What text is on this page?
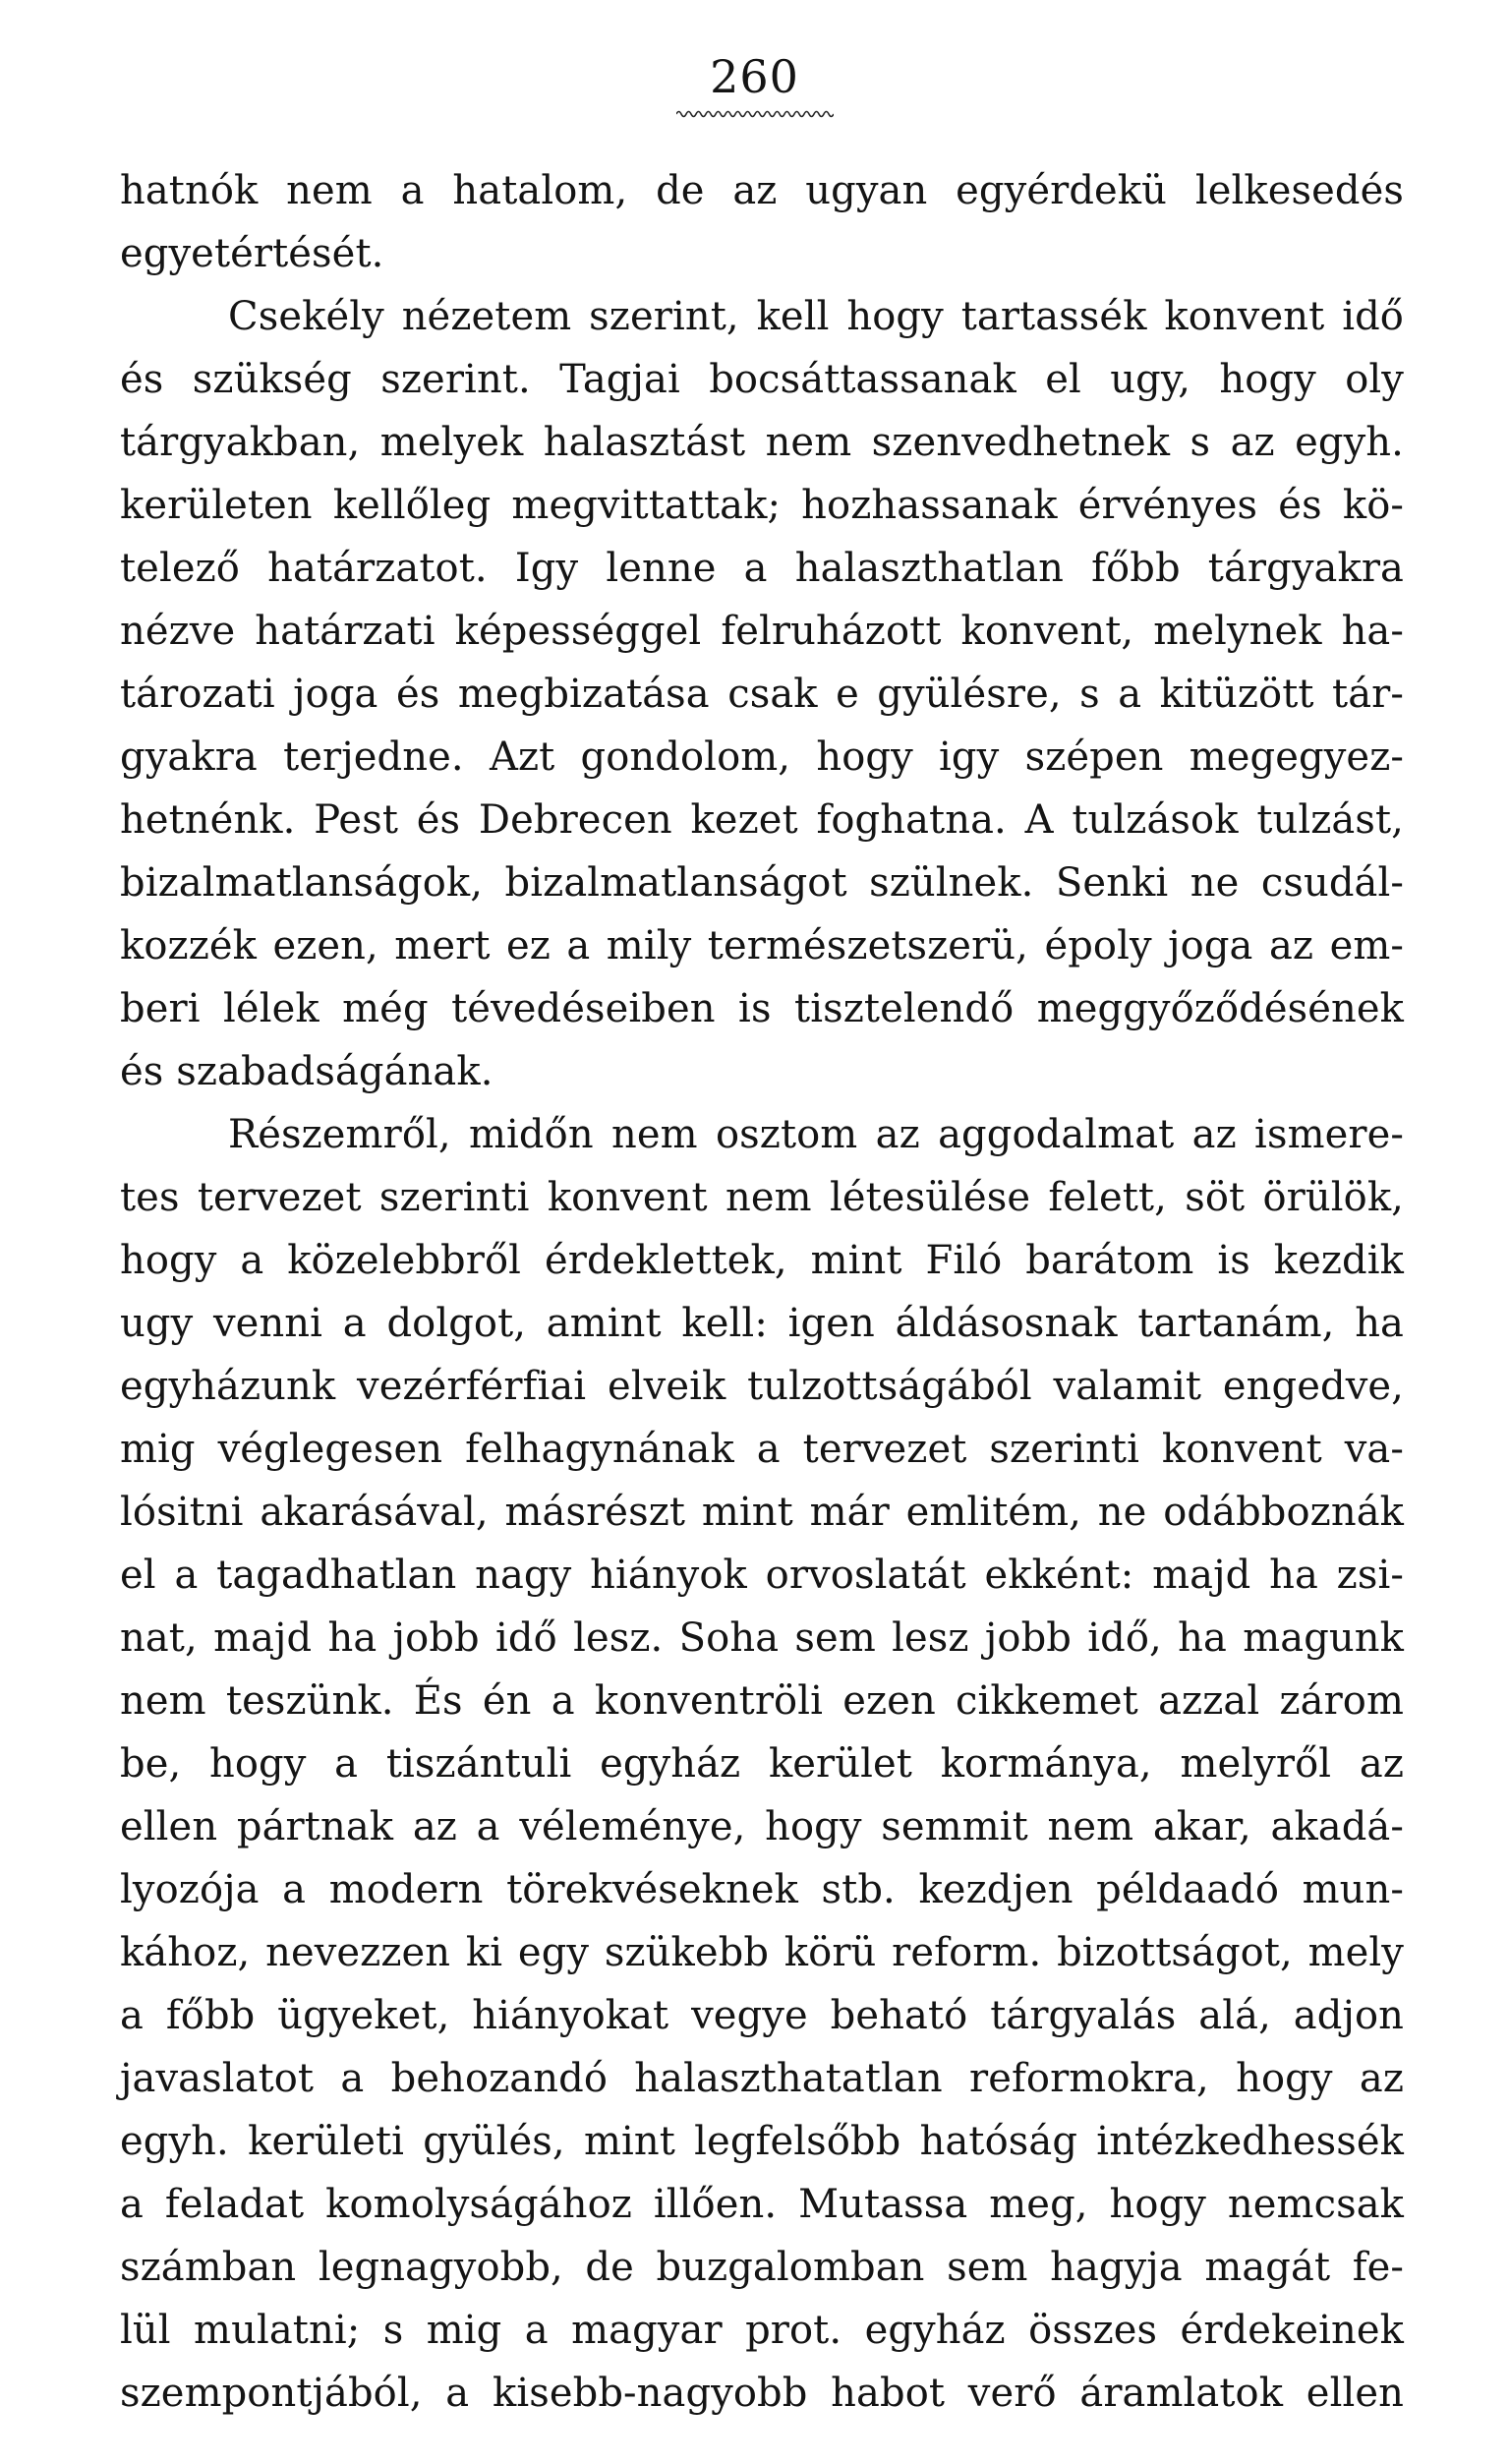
260
hatnók nem a hatalom, de az ugyan egyérdekü lelkesedés
egyetértését.
Csekély nézetem szerint, kell hogy tartassék konvent idő
és szükség szerint. Tagjai bocsáttassanak el ugy, hogy oly
tárgyakban, melyek halasztást nem szenvedhetnek s az egyh.
kerületen kellőleg megvittattak; hozhassanak érvényes és kö-
telező határzatot. Igy lenne a halaszthatlan főbb tárgyakra
nézve határzati képességgel felruházott konvent, melynek ha-
tározati joga és megbizatása csak e gyülésre, s a kitüzött tár-
gyakra terjedne. Azt gondolom, hogy igy szépen megegyez-
hetnénk. Pest és Debrecen kezet foghatna. A tulzások tulzást,
bizalmatlanságok, bizalmatlanságot szülnek. Senki ne csudál-
kozzék ezen, mert ez a mily természetszerü, époly joga az em-
beri lélek még tévedéseiben is tisztelendő meggyőződésének
és szabadságának.
Részemről, midőn nem osztom az aggodalmat az ismere-
tes tervezet szerinti konvent nem létesülése felett, söt örülök,
hogy a közelebbről érdeklettek, mint Filó barátom is kezdik
ugy venni a dolgot, amint kell: igen áldásosnak tartanám, ha
egyházunk vezérférfiai elveik tulzottságából valamit engedve,
mig véglegesen felhagynának a tervezet szerinti konvent va-
lósitni akarásával, másrészt mint már emlitém, ne odábboznák
el a tagadhatlan nagy hiányok orvoslatát ekként: majd ha zsi-
nat, majd ha jobb idő lesz. Soha sem lesz jobb idő, ha magunk
nem teszünk. És én a konventröli ezen cikkemet azzal zárom
be, hogy a tiszántuli egyház kerület kormánya, melyről az
ellen pártnak az a véleménye, hogy semmit nem akar, akadá-
lyozója a modern törekvéseknek stb. kezdjen példaadó mun-
kához, nevezzen ki egy szükebb körü reform. bizottságot, mely
a főbb ügyeket, hiányokat vegye beható tárgyalás alá, adjon
javaslatot a behozandó halaszthatatlan reformokra, hogy az
egyh. kerületi gyülés, mint legfelsőbb hatóság intézkedhessék
a feladat komolyságához illően. Mutassa meg, hogy nemcsak
számban legnagyobb, de buzgalomban sem hagyja magát fe-
lül mulatni; s mig a magyar prot. egyház összes érdekeinek
szempontjából, a kisebb-nagyobb habot verő áramlatok ellen
